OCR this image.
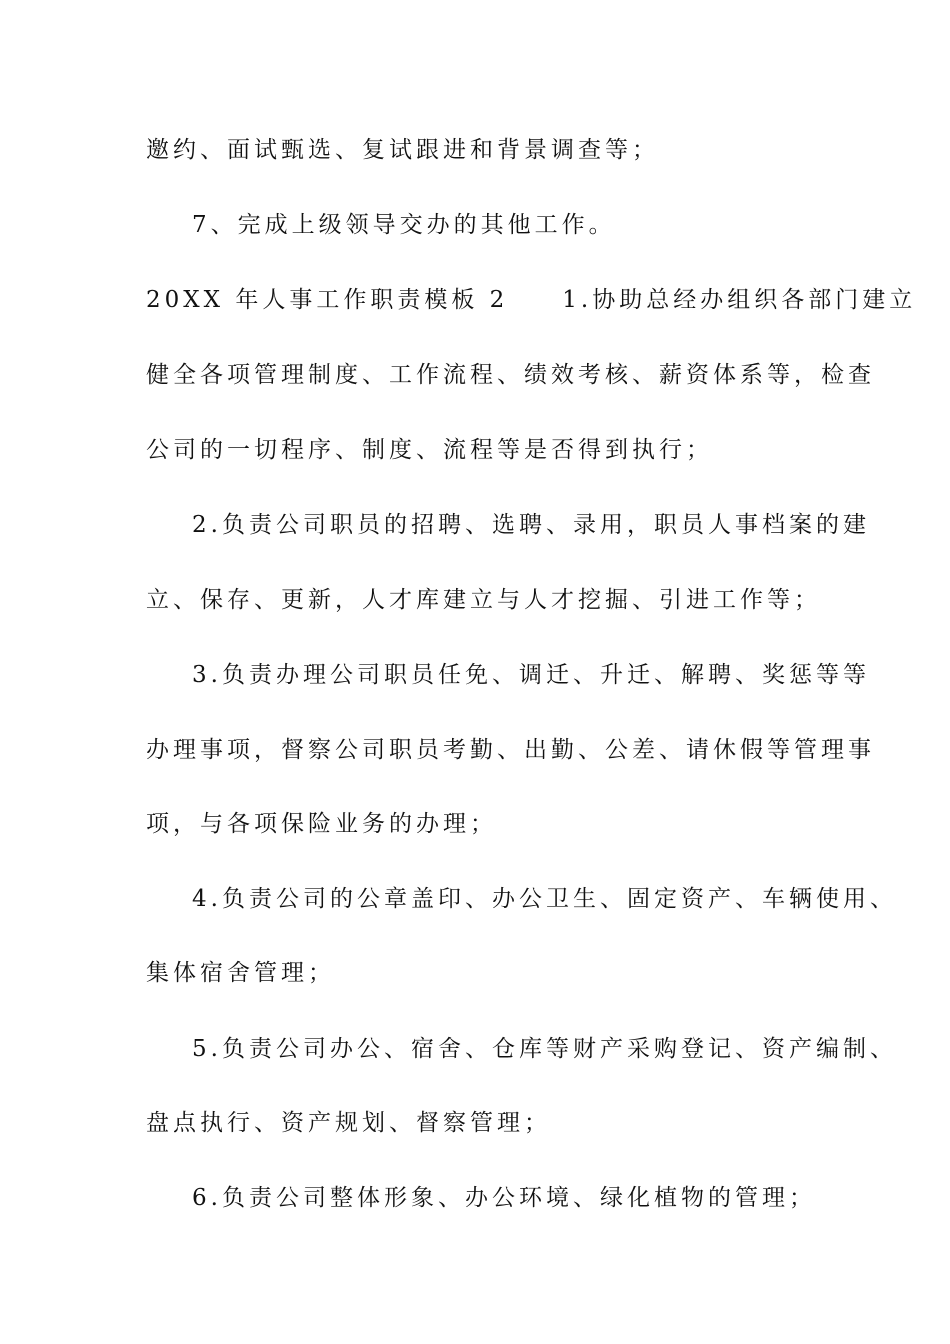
邀约、面试甄选、复试跟进和背景调查等；
7、完成上级领导交办的其他工作。
20XX 年人事工作职责模板 2　　1.协助总经办组织各部门建立
健全各项管理制度、工作流程、绩效考核、薪资体系等，检查
公司的一切程序、制度、流程等是否得到执行；
2.负责公司职员的招聘、选聘、录用，职员人事档案的建
立、保存、更新，人才库建立与人才挖掘、引进工作等；
3.负责办理公司职员任免、调迁、升迁、解聘、奖惩等等
办理事项，督察公司职员考勤、出勤、公差、请休假等管理事
项，与各项保险业务的办理；
4.负责公司的公章盖印、办公卫生、固定资产、车辆使用、
集体宿舍管理；
5.负责公司办公、宿舍、仓库等财产采购登记、资产编制、
盘点执行、资产规划、督察管理；
6.负责公司整体形象、办公环境、绿化植物的管理；
